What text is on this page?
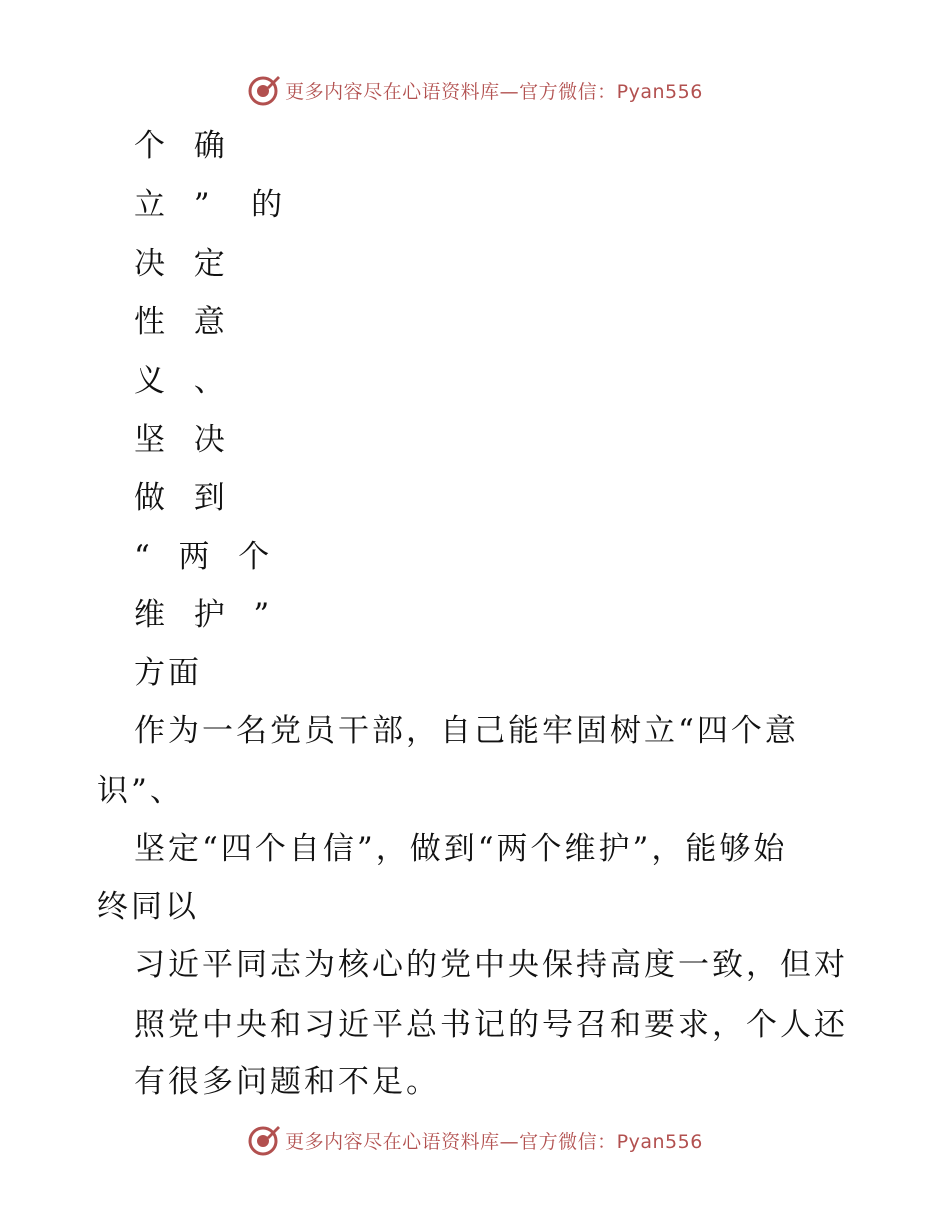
更多内容尽在心语资料库—官方微信：Pyan556
个  确
立  ”   的
决  定
性  意
义  、
坚  决
做  到
“  两  个
维  护  ”
方面
作为一名党员干部，自己能牢固树立“四个意
识”、
坚定“四个自信”，做到“两个维护”，能够始
终同以
习近平同志为核心的党中央保持高度一致，但对
照党中央和习近平总书记的号召和要求，个人还
有很多问题和不足。
更多内容尽在心语资料库—官方微信：Pyan556
